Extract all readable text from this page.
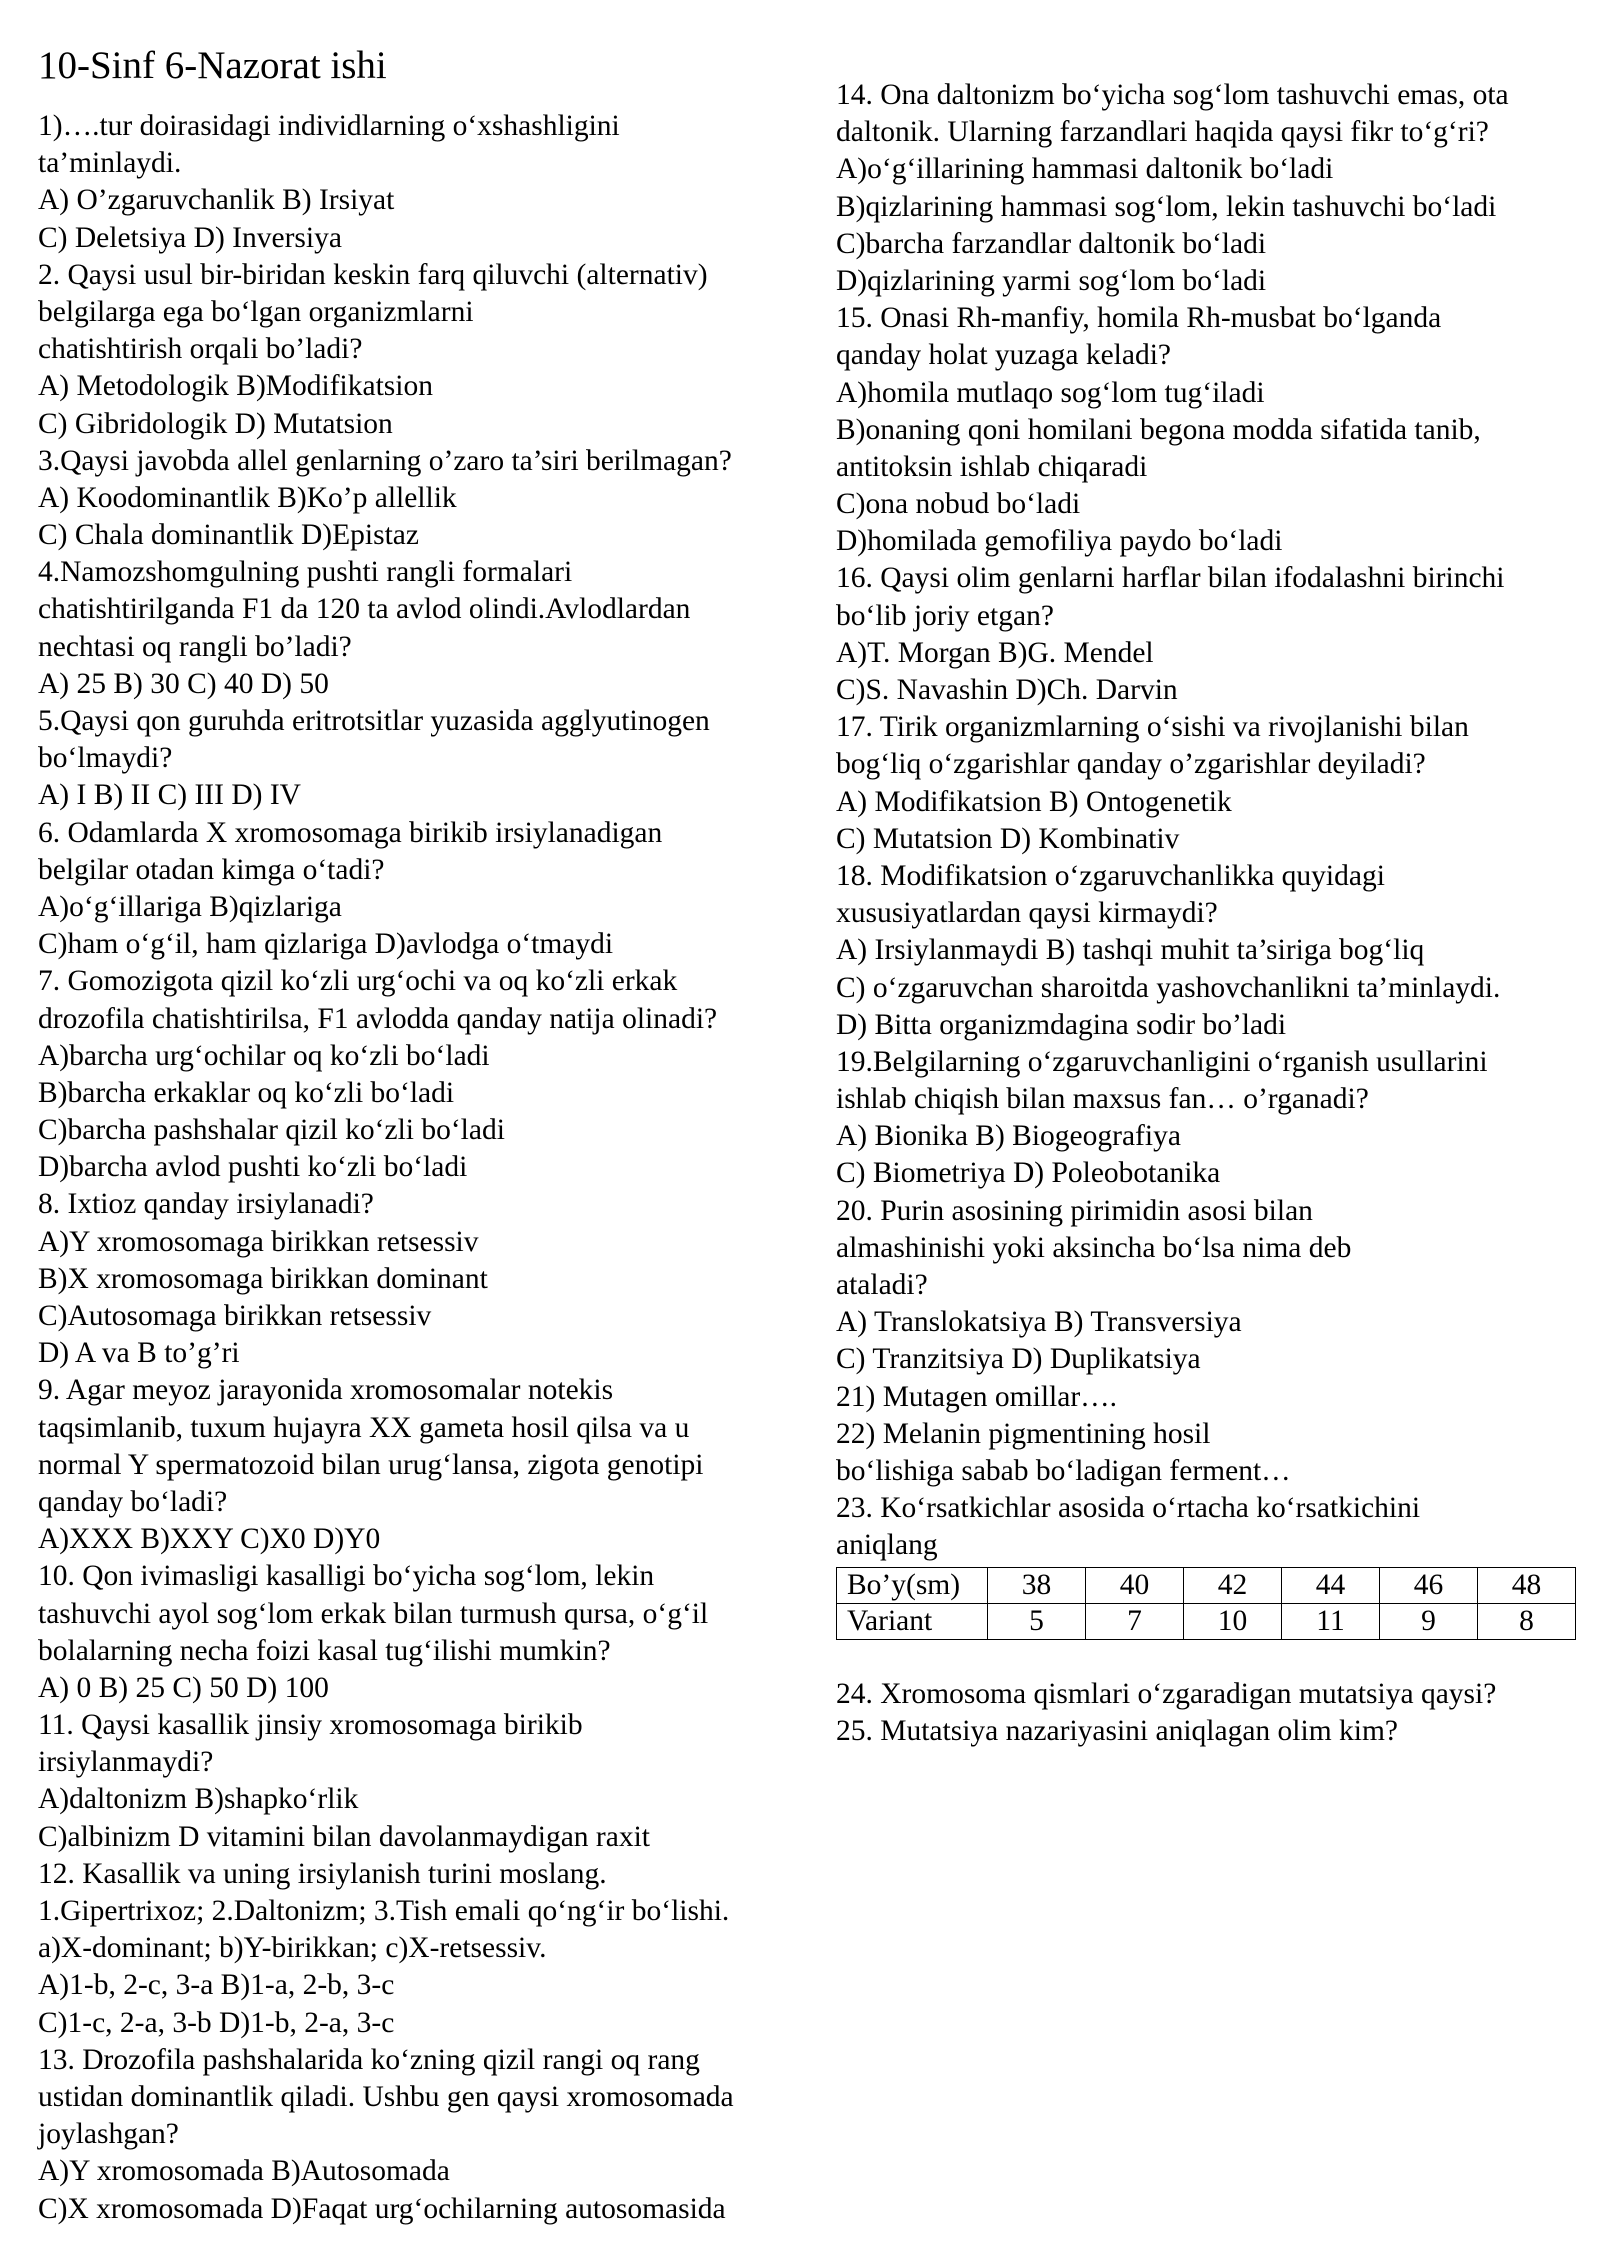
10-Sinf 6-Nazorat ishi
1)….tur doirasidagi individlarning o‘xshashligini
ta’minlaydi.
A) O’zgaruvchanlik B) Irsiyat
C) Deletsiya D) Inversiya
2. Qaysi usul bir-biridan keskin farq qiluvchi (alternativ)
belgilarga ega bo‘lgan organizmlarni
chatishtirish orqali bo’ladi?
A) Metodologik B)Modifikatsion
C) Gibridologik D) Mutatsion
3.Qaysi javobda allel genlarning o’zaro ta’siri berilmagan?
A) Koodominantlik B)Ko’p allellik
C) Chala dominantlik D)Epistaz
4.Namozshomgulning pushti rangli formalari
chatishtirilganda F1 da 120 ta avlod olindi.Avlodlardan
nechtasi oq rangli bo’ladi?
A) 25 B) 30 C) 40 D) 50
5.Qaysi qon guruhda eritrotsitlar yuzasida agglyutinogen
bo‘lmaydi?
A) I B) II C) III D) IV
6. Odamlarda X xromosomaga birikib irsiylanadigan
belgilar otadan kimga o‘tadi?
A)o‘g‘illariga B)qizlariga
C)ham o‘g‘il, ham qizlariga D)avlodga o‘tmaydi
7. Gomozigota qizil ko‘zli urg‘ochi va oq ko‘zli erkak
drozofila chatishtirilsa, F1 avlodda qanday natija olinadi?
A)barcha urg‘ochilar oq ko‘zli bo‘ladi
B)barcha erkaklar oq ko‘zli bo‘ladi
C)barcha pashshalar qizil ko‘zli bo‘ladi
D)barcha avlod pushti ko‘zli bo‘ladi
8. Ixtioz qanday irsiylanadi?
A)Y xromosomaga birikkan retsessiv
B)X xromosomaga birikkan dominant
C)Autosomaga birikkan retsessiv
D) A va B to’g’ri
9. Agar meyoz jarayonida xromosomalar notekis
taqsimlanib, tuxum hujayra XX gameta hosil qilsa va u
normal Y spermatozoid bilan urug‘lansa, zigota genotipi
qanday bo‘ladi?
A)XXX B)XXY C)X0 D)Y0
10. Qon ivimasligi kasalligi bo‘yicha sog‘lom, lekin
tashuvchi ayol sog‘lom erkak bilan turmush qursa, o‘g‘il
bolalarning necha foizi kasal tug‘ilishi mumkin?
A) 0 B) 25 C) 50 D) 100
11. Qaysi kasallik jinsiy xromosomaga birikib
irsiylanmaydi?
A)daltonizm B)shapko‘rlik
C)albinizm D vitamini bilan davolanmaydigan raxit
12. Kasallik va uning irsiylanish turini moslang.
1.Gipertrixoz; 2.Daltonizm; 3.Tish emali qo‘ng‘ir bo‘lishi.
a)X-dominant; b)Y-birikkan; c)X-retsessiv.
A)1-b, 2-c, 3-a B)1-a, 2-b, 3-c
C)1-c, 2-a, 3-b D)1-b, 2-a, 3-c
13. Drozofila pashshalarida ko‘zning qizil rangi oq rang
ustidan dominantlik qiladi. Ushbu gen qaysi xromosomada
joylashgan?
A)Y xromosomada B)Autosomada
C)X xromosomada D)Faqat urg‘ochilarning autosomasida
14. Ona daltonizm bo‘yicha sog‘lom tashuvchi emas, ota
daltonik. Ularning farzandlari haqida qaysi fikr to‘g‘ri?
A)o‘g‘illarining hammasi daltonik bo‘ladi
B)qizlarining hammasi sog‘lom, lekin tashuvchi bo‘ladi
C)barcha farzandlar daltonik bo‘ladi
D)qizlarining yarmi sog‘lom bo‘ladi
15. Onasi Rh-manfiy, homila Rh-musbat bo‘lganda
qanday holat yuzaga keladi?
A)homila mutlaqo sog‘lom tug‘iladi
B)onaning qoni homilani begona modda sifatida tanib,
antitoksin ishlab chiqaradi
C)ona nobud bo‘ladi
D)homilada gemofiliya paydo bo‘ladi
16. Qaysi olim genlarni harflar bilan ifodalashni birinchi
bo‘lib joriy etgan?
A)T. Morgan B)G. Mendel
C)S. Navashin D)Ch. Darvin
17. Tirik organizmlarning o‘sishi va rivojlanishi bilan
bog‘liq o‘zgarishlar qanday o’zgarishlar deyiladi?
A) Modifikatsion B) Ontogenetik
C) Mutatsion D) Kombinativ
18. Modifikatsion o‘zgaruvchanlikka quyidagi
xususiyatlardan qaysi kirmaydi?
A) Irsiylanmaydi B) tashqi muhit ta’siriga bog‘liq
C) o‘zgaruvchan sharoitda yashovchanlikni ta’minlaydi.
D) Bitta organizmdagina sodir bo’ladi
19.Belgilarning o‘zgaruvchanligini o‘rganish usullarini
ishlab chiqish bilan maxsus fan… o’rganadi?
A) Bionika B) Biogeografiya
C) Biometriya D) Poleobotanika
20. Purin asosining pirimidin asosi bilan
almashinishi yoki aksincha bo‘lsa nima deb
ataladi?
A) Translokatsiya B) Transversiya
C) Tranzitsiya D) Duplikatsiya
21) Mutagen omillar….
22) Melanin pigmentining hosil
bo‘lishiga sabab bo‘ladigan ferment…
23. Ko‘rsatkichlar asosida o‘rtacha ko‘rsatkichini
aniqlang
Bo’y(sm)	38	40	42	44	46	48
Variant	5	7	10	11	9	8
24. Xromosoma qismlari o‘zgaradigan mutatsiya qaysi?
25. Mutatsiya nazariyasini aniqlagan olim kim?
